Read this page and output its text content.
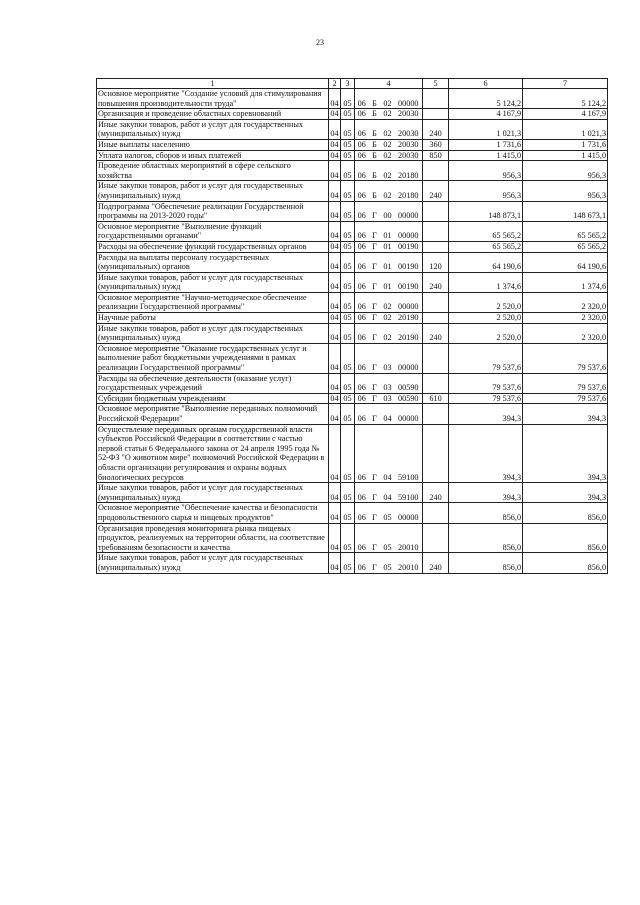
23
1	2	3	4				5	6	7
Основное мероприятие "Создание условий для стимулирования повышения производительности труда"	04	05	06	Б	02	00000		5 124,2	5 124,2
Организация и проведение областных соревнований	04	05	06	Б	02	20030		4 167,9	4 167,9
Иные закупки товаров, работ и услуг для государственных (муниципальных) нужд	04	05	06	Б	02	20030	240	1 021,3	1 021,3
Иные выплаты населению	04	05	06	Б	02	20030	360	1 731,6	1 731,6
Уплата налогов, сборов и иных платежей	04	05	06	Б	02	20030	850	1 415,0	1 415,0
Проведение областных мероприятий в сфере сельского хозяйства	04	05	06	Б	02	20180		956,3	956,3
Иные закупки товаров, работ и услуг для государственных (муниципальных) нужд	04	05	06	Б	02	20180	240	956,3	956,3
Подпрограмма "Обеспечение реализации Государственной программы на 2013-2020 годы"	04	05	06	Г	00	00000		148 873,1	148 673,1
Основное мероприятие "Выполнение функций государственными органами"	04	05	06	Г	01	00000		65 565,2	65 565,2
Расходы на обеспечение функций государственных органов	04	05	06	Г	01	00190		65 565,2	65 565,2
Расходы на выплаты персоналу государственных (муниципальных) органов	04	05	06	Г	01	00190	120	64 190,6	64 190,6
Иные закупки товаров, работ и услуг для государственных (муниципальных) нужд	04	05	06	Г	01	00190	240	1 374,6	1 374,6
Основное мероприятие "Научно-методическое обеспечение реализации Государственной программы"	04	05	06	Г	02	00000		2 520,0	2 320,0
Научные работы	04	05	06	Г	02	20190		2 520,0	2 320,0
Иные закупки товаров, работ и услуг для государственных (муниципальных) нужд	04	05	06	Г	02	20190	240	2 520,0	2 320,0
Основное мероприятие "Оказание государственных услуг и выполнение работ бюджетными учреждениями в рамках реализации Государственной программы"	04	05	06	Г	03	00000		79 537,6	79 537,6
Расходы на обеспечение деятельности (оказание услуг) государственных учреждений	04	05	06	Г	03	00590		79 537,6	79 537,6
Субсидии бюджетным учреждениям	04	05	06	Г	03	00590	610	79 537,6	79 537,6
Основное мероприятие "Выполнение переданных полномочий Российской Федерации"	04	05	06	Г	04	00000		394,3	394,3
Осуществление переданных органам государственной власти субъектов Российской Федерации в соответствии с частью первой статьи 6 Федерального закона от 24 апреля 1995 года № 52-ФЗ "О животном мире" полномочий Российской Федерации в области организации регулирования и охраны водных биологических ресурсов	04	05	06	Г	04	59100		394,3	394,3
Иные закупки товаров, работ и услуг для государственных (муниципальных) нужд	04	05	06	Г	04	59100	240	394,3	394,3
Основное мероприятие "Обеспечение качества и безопасности продовольственного сырья и пищевых продуктов"	04	05	06	Г	05	00000		856,0	856,0
Организация проведения мониторинга рынка пищевых продуктов, реализуемых на территории области, на соответствие требованиям безопасности и качества	04	05	06	Г	05	20010		856,0	856,0
Иные закупки товаров, работ и услуг для государственных (муниципальных) нужд	04	05	06	Г	05	20010	240	856,0	856,0
